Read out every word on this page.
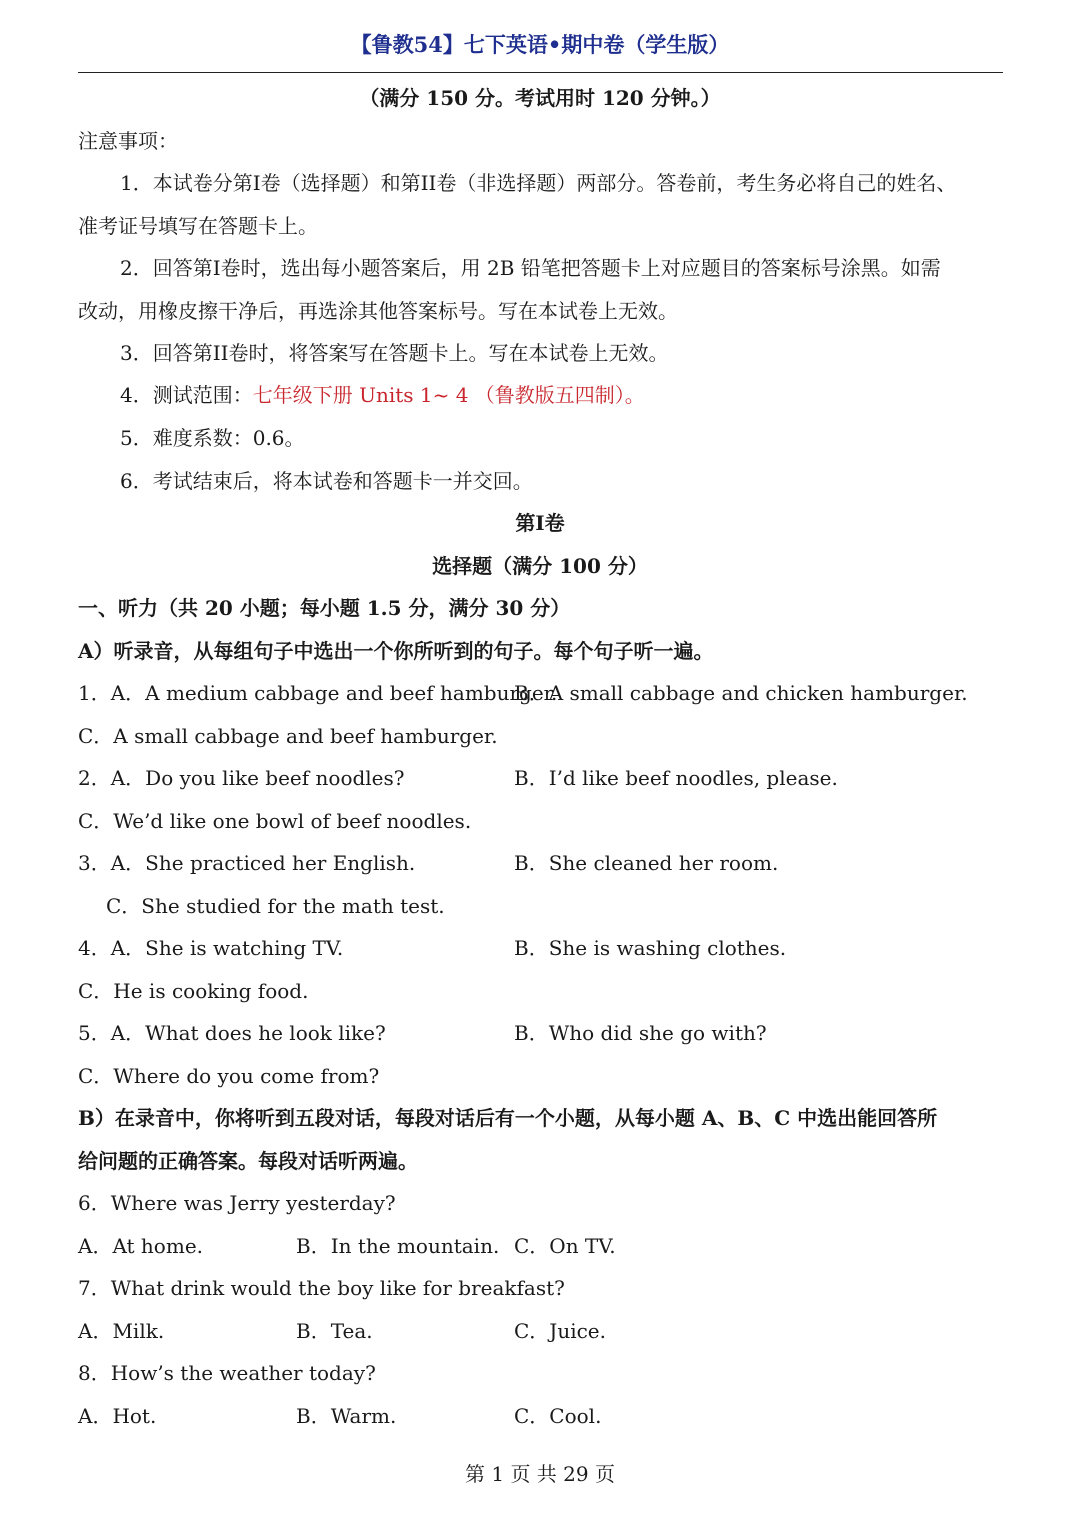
【鲁教54】七下英语•期中卷（学生版）
（满分 150 分。考试用时 120 分钟。）
注意事项：
1．本试卷分第I卷（选择题）和第II卷（非选择题）两部分。答卷前，考生务必将自己的姓名、
准考证号填写在答题卡上。
2．回答第I卷时，选出每小题答案后，用 2B 铅笔把答题卡上对应题目的答案标号涂黑。如需
改动，用橡皮擦干净后，再选涂其他答案标号。写在本试卷上无效。
3．回答第II卷时，将答案写在答题卡上。写在本试卷上无效。
4．测试范围：七年级下册 Units 1~ 4 （鲁教版五四制）。
5．难度系数：0.6。
6．考试结束后，将本试卷和答题卡一并交回。
第I卷
选择题（满分 100 分）
一、听力（共 20 小题；每小题 1.5 分，满分 30 分）
A）听录音，从每组句子中选出一个你所听到的句子。每个句子听一遍。
1．A．A medium cabbage and beef hamburger.
B．A small cabbage and chicken hamburger.
C．A small cabbage and beef hamburger.
2．A．Do you like beef noodles?	B．I’d like beef noodles, please.
C．We’d like one bowl of beef noodles.
3．A．She practiced her English.	B．She cleaned her room.
C．She studied for the math test.
4．A．She is watching TV.	B．She is washing clothes.
C．He is cooking food.
5．A．What does he look like?	B．Who did she go with?
C．Where do you come from?
B）在录音中，你将听到五段对话，每段对话后有一个小题，从每小题 A、B、C 中选出能回答所
给问题的正确答案。每段对话听两遍。
6．Where was Jerry yesterday?
A．At home.	B．In the mountain. C．On TV.
7．What drink would the boy like for breakfast?
A．Milk.	B．Tea.	C．Juice.
8．How’s the weather today?
A．Hot.	B．Warm.	C．Cool.
第 1 页 共 29 页
